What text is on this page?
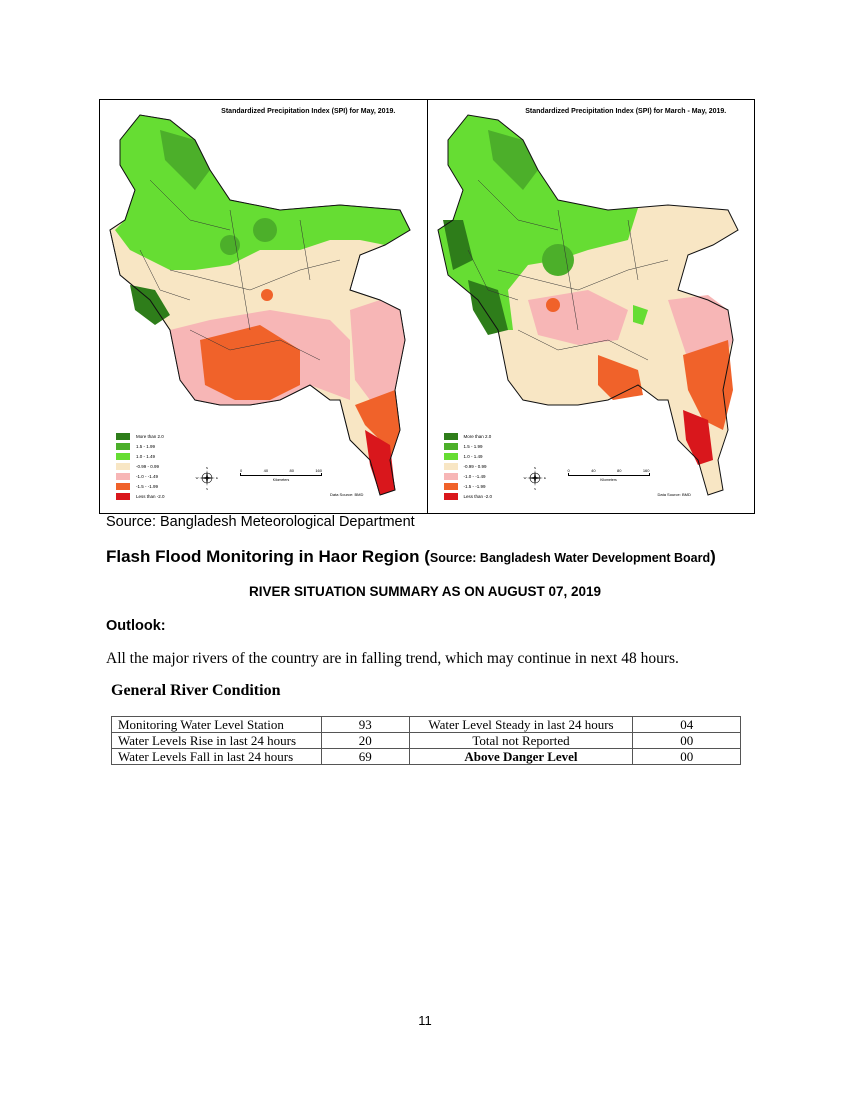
Standardized Precipitation Index (SPI) for May, 2019.
More than 2.0
1.5 - 1.99
1.0 - 1.49
-0.99 - 0.99
-1.0 - -1.49
-1.5 - -1.99
Less than -2.0
N
S
W	E
0	40	80	160
Kilometers
Data Source: BMD
Standardized Precipitation Index (SPI) for March - May, 2019.
More than 2.0
1.5 - 1.99
1.0 - 1.49
-0.99 - 0.99
-1.0 - -1.49
-1.5 - -1.99
Less than -2.0
N
S
W	E
0	40	80	160
Kilometers
Data Source: BMD
Source: Bangladesh Meteorological Department
Flash Flood Monitoring in Haor Region (Source: Bangladesh Water Development Board)
RIVER SITUATION SUMMARY AS ON AUGUST 07, 2019
Outlook:
All the major rivers of the country are in falling trend, which may continue in next 48 hours.
General River Condition
Monitoring Water Level Station	93	Water Level Steady in last 24 hours	04
Water Levels Rise in last 24 hours	20	Total not Reported	00
Water Levels Fall in last 24 hours	69	Above Danger Level	00
11
